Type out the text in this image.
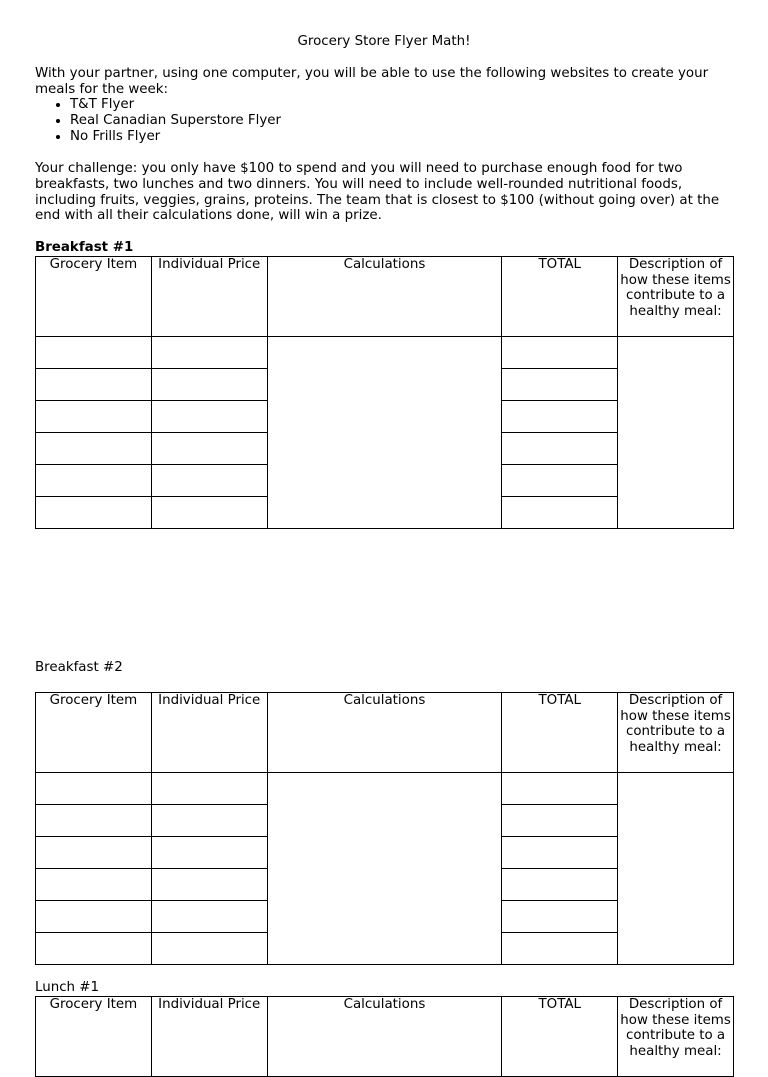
Grocery Store Flyer Math!

With your partner, using one computer, you will be able to use the following websites to create your meals for the week:

• T&T Flyer
• Real Canadian Superstore Flyer
• No Frills Flyer

Your challenge: you only have $100 to spend and you will need to purchase enough food for two breakfasts, two lunches and two dinners. You will need to include well-rounded nutritional foods, including fruits, veggies, grains, proteins. The team that is closest to $100 (without going over) at the end with all their calculations done, will win a prize.

Breakfast #1
Grocery Item	Individual Price	Calculations	TOTAL	Description of how these items contribute to a healthy meal:

Breakfast #2
Grocery Item	Individual Price	Calculations	TOTAL	Description of how these items contribute to a healthy meal:

Lunch #1
Grocery Item	Individual Price	Calculations	TOTAL	Description of how these items contribute to a healthy meal:
